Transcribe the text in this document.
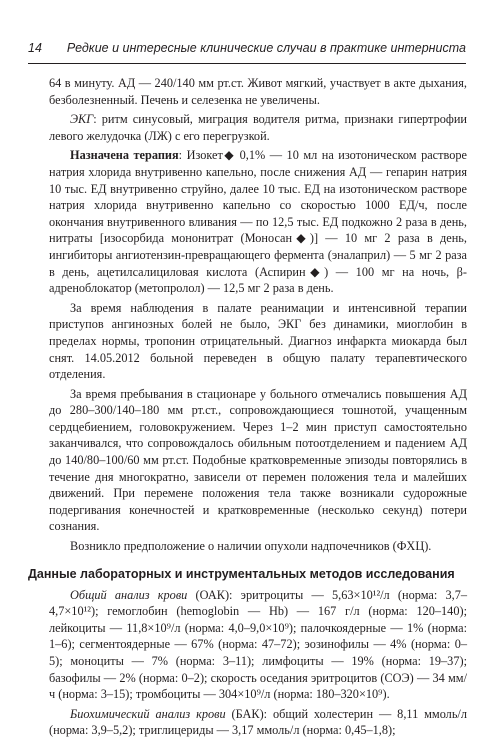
14	Редкие и интересные клинические случаи в практике интерниста

64 в минуту. АД — 240/140 мм рт.ст. Живот мягкий, участвует в акте дыхания, безболезненный. Печень и селезенка не увеличены.

ЭКГ: ритм синусовый, миграция водителя ритма, признаки гипертрофии левого желудочка (ЛЖ) с его перегрузкой.

Назначена терапия: Изокет◆ 0,1% — 10 мл на изотоническом растворе натрия хлорида внутривенно капельно, после снижения АД — гепарин натрия 10 тыс. ЕД внутривенно струйно, далее 10 тыс. ЕД на изотоническом растворе натрия хлорида внутривенно капельно со скоростью 1000 ЕД/ч, после окончания внутривенного вливания — по 12,5 тыс. ЕД подкожно 2 раза в день, нитраты [изосорбида мононитрат (Моносан◆)] — 10 мг 2 раза в день, ингибиторы ангиотензин-превращающего фермента (эналаприл) — 5 мг 2 раза в день, ацетилсалициловая кислота (Аспирин◆) — 100 мг на ночь, β-адреноблокатор (метопролол) — 12,5 мг 2 раза в день.

За время наблюдения в палате реанимации и интенсивной терапии приступов ангинозных болей не было, ЭКГ без динамики, миоглобин в пределах нормы, тропонин отрицательный. Диагноз инфаркта миокарда был снят. 14.05.2012 больной переведен в общую палату терапевтического отделения.

За время пребывания в стационаре у больного отмечались повышения АД до 280–300/140–180 мм рт.ст., сопровождающиеся тошнотой, учащенным сердцебиением, головокружением. Через 1–2 мин приступ самостоятельно заканчивался, что сопровождалось обильным потоотделением и падением АД до 140/80–100/60 мм рт.ст. Подобные кратковременные эпизоды повторялись в течение дня многократно, зависели от перемен положения тела и малейших движений. При перемене положения тела также возникали судорожные подергивания конечностей и кратковременные (несколько секунд) потери сознания.

Возникло предположение о наличии опухоли надпочечников (ФХЦ).

Данные лабораторных и инструментальных методов исследования

Общий анализ крови (ОАК): эритроциты — 5,63×10¹²/л (норма: 3,7–4,7×10¹²); гемоглобин (hemoglobin — Hb) — 167 г/л (норма: 120–140); лейкоциты — 11,8×10⁹/л (норма: 4,0–9,0×10⁹); палочкоядерные — 1% (норма: 1–6); сегментоядерные — 67% (норма: 47–72); эозинофилы — 4% (норма: 0–5); моноциты — 7% (норма: 3–11); лимфоциты — 19% (норма: 19–37); базофилы — 2% (норма: 0–2); скорость оседания эритроцитов (СОЭ) — 34 мм/ч (норма: 3–15); тромбоциты — 304×10⁹/л (норма: 180–320×10⁹).

Биохимический анализ крови (БАК): общий холестерин — 8,11 ммоль/л (норма: 3,9–5,2); триглицериды — 3,17 ммоль/л (норма: 0,45–1,8);
